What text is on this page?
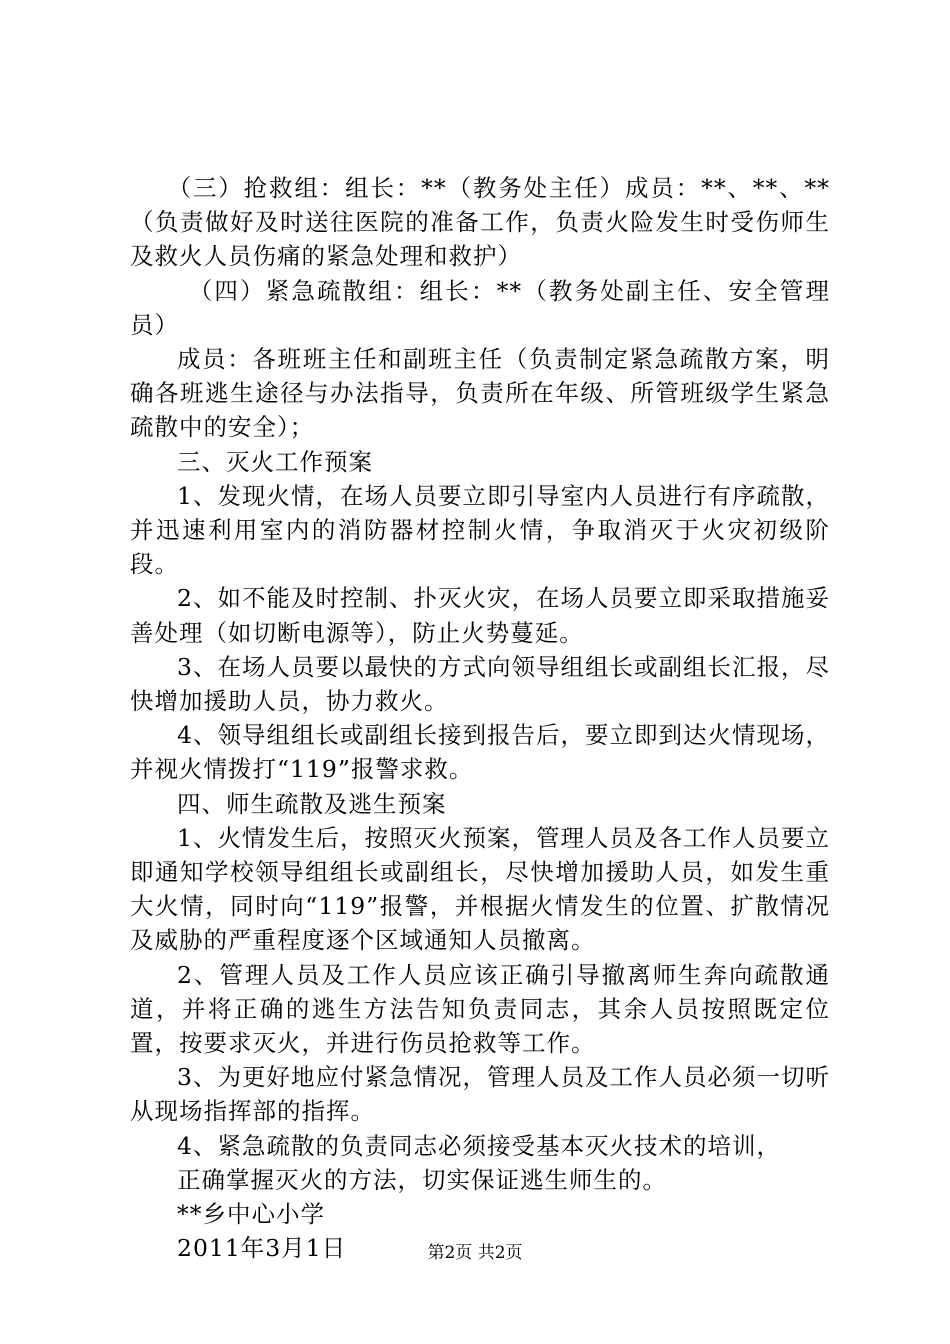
（三）抢救组：组长：**（教务处主任）成员：**、**、**（负责做好及时送往医院的准备工作，负责火险发生时受伤师生及救火人员伤痛的紧急处理和救护）

（四）紧急疏散组：组长：**（教务处副主任、安全管理员）

成员：各班班主任和副班主任（负责制定紧急疏散方案，明确各班逃生途径与办法指导，负责所在年级、所管班级学生紧急疏散中的安全）；

三、灭火工作预案

1、发现火情，在场人员要立即引导室内人员进行有序疏散，并迅速利用室内的消防器材控制火情，争取消灭于火灾初级阶段。

2、如不能及时控制、扑灭火灾，在场人员要立即采取措施妥善处理（如切断电源等），防止火势蔓延。

3、在场人员要以最快的方式向领导组组长或副组长汇报，尽快增加援助人员，协力救火。

4、领导组组长或副组长接到报告后，要立即到达火情现场，并视火情拨打“119”报警求救。

四、师生疏散及逃生预案

1、火情发生后，按照灭火预案，管理人员及各工作人员要立即通知学校领导组组长或副组长，尽快增加援助人员，如发生重大火情，同时向“119”报警，并根据火情发生的位置、扩散情况及威胁的严重程度逐个区域通知人员撤离。

2、管理人员及工作人员应该正确引导撤离师生奔向疏散通道，并将正确的逃生方法告知负责同志，其余人员按照既定位置，按要求灭火，并进行伤员抢救等工作。

3、为更好地应付紧急情况，管理人员及工作人员必须一切听从现场指挥部的指挥。

4、紧急疏散的负责同志必须接受基本灭火技术的培训，

正确掌握灭火的方法，切实保证逃生师生的。

**乡中心小学

2011年3月1日	第2页 共2页
